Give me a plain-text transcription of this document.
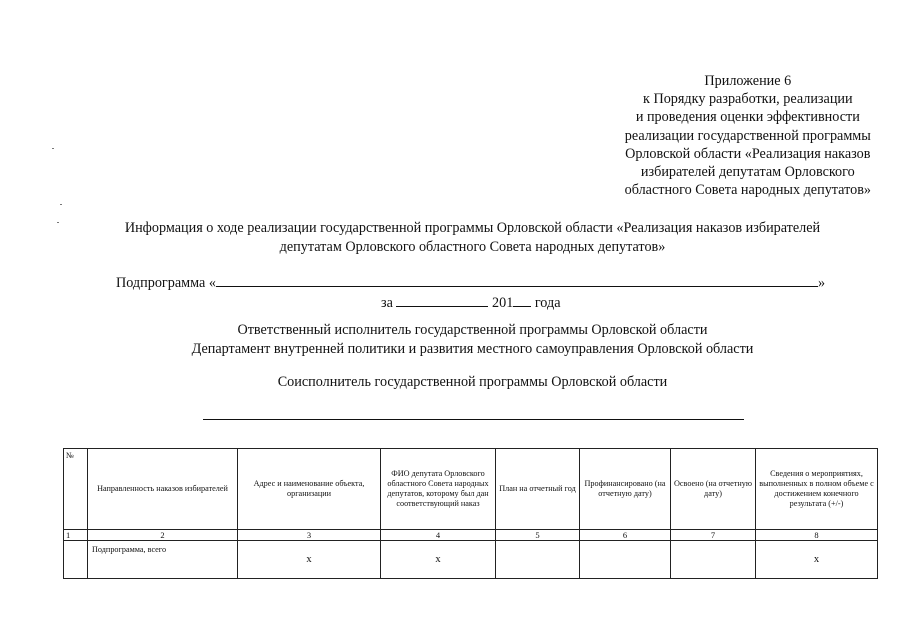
Приложение 6
к Порядку разработки, реализации
и проведения оценки эффективности
реализации государственной программы
Орловской области «Реализация наказов
избирателей депутатам Орловского
областного Совета народных депутатов»
Информация о ходе реализации государственной программы Орловской области «Реализация наказов избирателей
депутатам Орловского областного Совета народных депутатов»
Подпрограмма «	»
за	201 года
Ответственный исполнитель государственной программы Орловской области
Департамент внутренней политики и развития местного самоуправления Орловской области
Соисполнитель государственной программы Орловской области
№	Направленность наказов избирателей	Адрес и наименование объекта, организации	ФИО депутата Орловского областного Совета народных депутатов, которому был дан соответствующий наказ	План на отчетный год	Профинансировано (на отчетную дату)	Освоено (на отчетную дату)	Сведения о мероприятиях, выполненных в полном объеме с достижением конечного результата (+/-)
1	2	3	4	5	6	7	8
	Подпрограмма, всего	х	х				х
